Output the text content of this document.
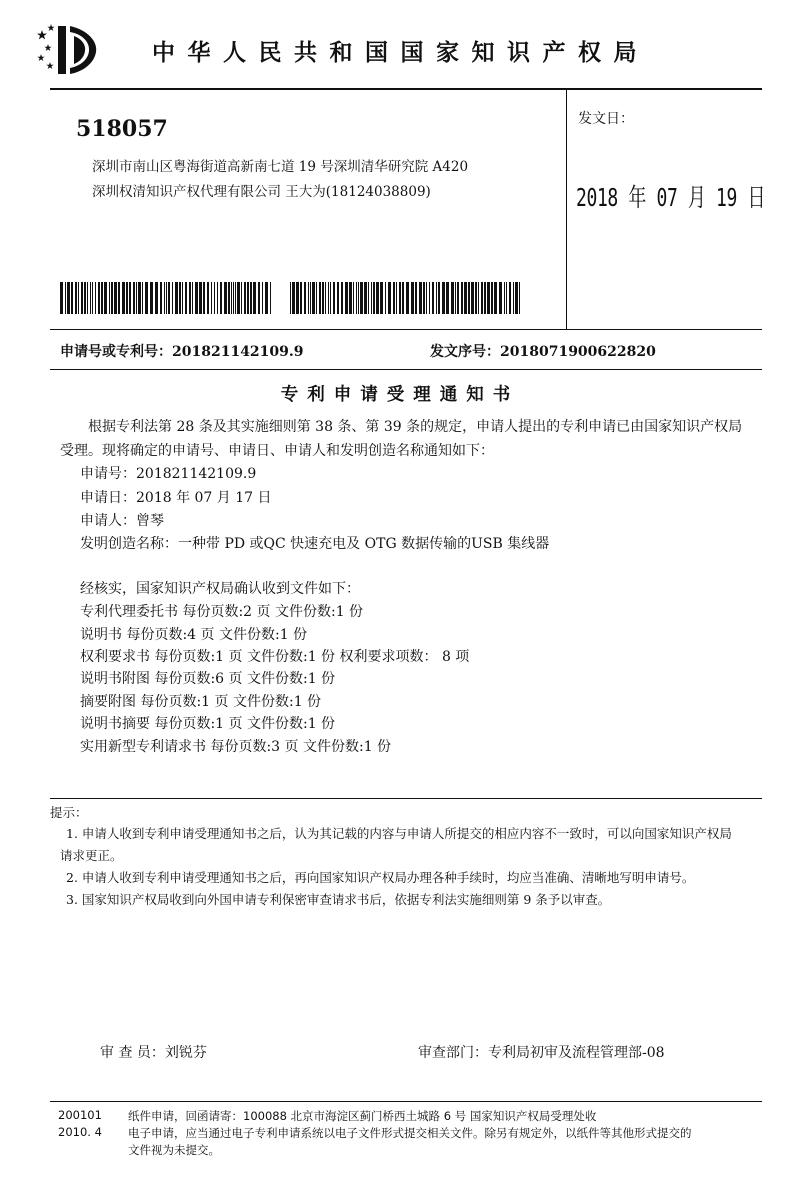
中华人民共和国国家知识产权局
518057
深圳市南山区粤海街道高新南七道 19 号深圳清华研究院 A420
深圳权清知识产权代理有限公司 王大为(18124038809)
发文日：
2018 年 07 月 19 日
申请号或专利号：201821142109.9	发文序号：2018071900622820
专利申请受理通知书
根据专利法第 28 条及其实施细则第 38 条、第 39 条的规定，申请人提出的专利申请已由国家知识产权局
受理。现将确定的申请号、申请日、申请人和发明创造名称通知如下：
申请号：201821142109.9
申请日：2018 年 07 月 17 日
申请人：曾琴
发明创造名称：一种带 PD 或QC 快速充电及 OTG 数据传输的USB 集线器
经核实，国家知识产权局确认收到文件如下：
专利代理委托书 每份页数:2 页 文件份数:1 份
说明书 每份页数:4 页 文件份数:1 份
权利要求书 每份页数:1 页 文件份数:1 份 权利要求项数： 8 项
说明书附图 每份页数:6 页 文件份数:1 份
摘要附图 每份页数:1 页 文件份数:1 份
说明书摘要 每份页数:1 页 文件份数:1 份
实用新型专利请求书 每份页数:3 页 文件份数:1 份
提示：
1. 申请人收到专利申请受理通知书之后，认为其记载的内容与申请人所提交的相应内容不一致时，可以向国家知识产权局
请求更正。
2. 申请人收到专利申请受理通知书之后，再向国家知识产权局办理各种手续时，均应当准确、清晰地写明申请号。
3. 国家知识产权局收到向外国申请专利保密审查请求书后，依据专利法实施细则第 9 条予以审查。
审 查 员：刘锐芬	审查部门：专利局初审及流程管理部-08
200101
2010. 4
纸件申请，回函请寄：100088 北京市海淀区蓟门桥西土城路 6 号 国家知识产权局受理处收
电子申请，应当通过电子专利申请系统以电子文件形式提交相关文件。除另有规定外，以纸件等其他形式提交的
文件视为未提交。
